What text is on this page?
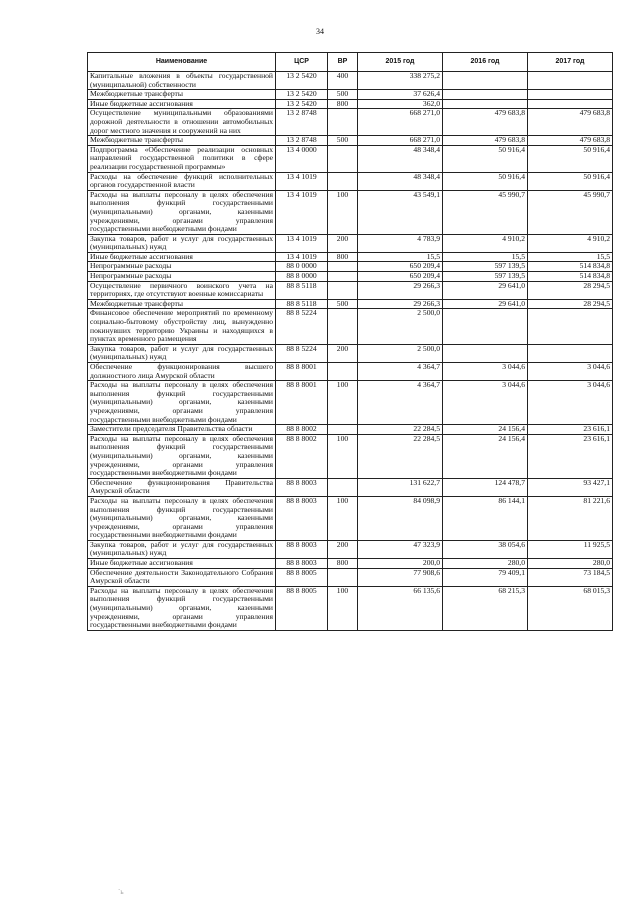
34
Наименование	ЦСР	ВР	2015 год	2016 год	2017 год
Капитальные вложения в объекты государственной (муниципальной) собственности	13 2 5420	400	338 275,2		
Межбюджетные трансферты	13 2 5420	500	37 626,4		
Иные бюджетные ассигнования	13 2 5420	800	362,0		
Осуществление муниципальными образованиями дорожной деятельности в отношении автомобильных дорог местного значения и сооружений на них	13 2 8748		668 271,0	479 683,8	479 683,8
Межбюджетные трансферты	13 2 8748	500	668 271,0	479 683,8	479 683,8
Подпрограмма «Обеспечение реализации основных направлений государственной политики в сфере реализации государственной программы»	13 4 0000		48 348,4	50 916,4	50 916,4
Расходы на обеспечение функций исполнительных органов государственной власти	13 4 1019		48 348,4	50 916,4	50 916,4
Расходы на выплаты персоналу в целях обеспечения выполнения функций государственными (муниципальными) органами, казенными учреждениями, органами управления государственными внебюджетными фондами	13 4 1019	100	43 549,1	45 990,7	45 990,7
Закупка товаров, работ и услуг для государственных (муниципальных) нужд	13 4 1019	200	4 783,9	4 910,2	4 910,2
Иные бюджетные ассигнования	13 4 1019	800	15,5	15,5	15,5
Непрограммные расходы	88 0 0000		650 209,4	597 139,5	514 834,8
Непрограммные расходы	88 8 0000		650 209,4	597 139,5	514 834,8
Осуществление первичного воинского учета на территориях, где отсутствуют военные комиссариаты	88 8 5118		29 266,3	29 641,0	28 294,5
Межбюджетные трансферты	88 8 5118	500	29 266,3	29 641,0	28 294,5
Финансовое обеспечение мероприятий по временному социально-бытовому обустройству лиц, вынужденно покинувших территорию Украины и находящихся в пунктах временного размещения	88 8 5224		2 500,0		
Закупка товаров, работ и услуг для государственных (муниципальных) нужд	88 8 5224	200	2 500,0		
Обеспечение функционирования высшего должностного лица Амурской области	88 8 8001		4 364,7	3 044,6	3 044,6
Расходы на выплаты персоналу в целях обеспечения выполнения функций государственными (муниципальными) органами, казенными учреждениями, органами управления государственными внебюджетными фондами	88 8 8001	100	4 364,7	3 044,6	3 044,6
Заместители председателя Правительства области	88 8 8002		22 284,5	24 156,4	23 616,1
Расходы на выплаты персоналу в целях обеспечения выполнения функций государственными (муниципальными) органами, казенными учреждениями, органами управления государственными внебюджетными фондами	88 8 8002	100	22 284,5	24 156,4	23 616,1
Обеспечение функционирования Правительства Амурской области	88 8 8003		131 622,7	124 478,7	93 427,1
Расходы на выплаты персоналу в целях обеспечения выполнения функций государственными (муниципальными) органами, казенными учреждениями, органами управления государственными внебюджетными фондами	88 8 8003	100	84 098,9	86 144,1	81 221,6
Закупка товаров, работ и услуг для государственных (муниципальных) нужд	88 8 8003	200	47 323,9	38 054,6	11 925,5
Иные бюджетные ассигнования	88 8 8003	800	200,0	280,0	280,0
Обеспечение деятельности Законодательного Собрания Амурской области	88 8 8005		77 908,6	79 409,1	73 184,5
Расходы на выплаты персоналу в целях обеспечения выполнения функций государственными (муниципальными) органами, казенными учреждениями, органами управления государственными внебюджетными фондами	88 8 8005	100	66 135,6	68 215,3	68 015,3
`ь
